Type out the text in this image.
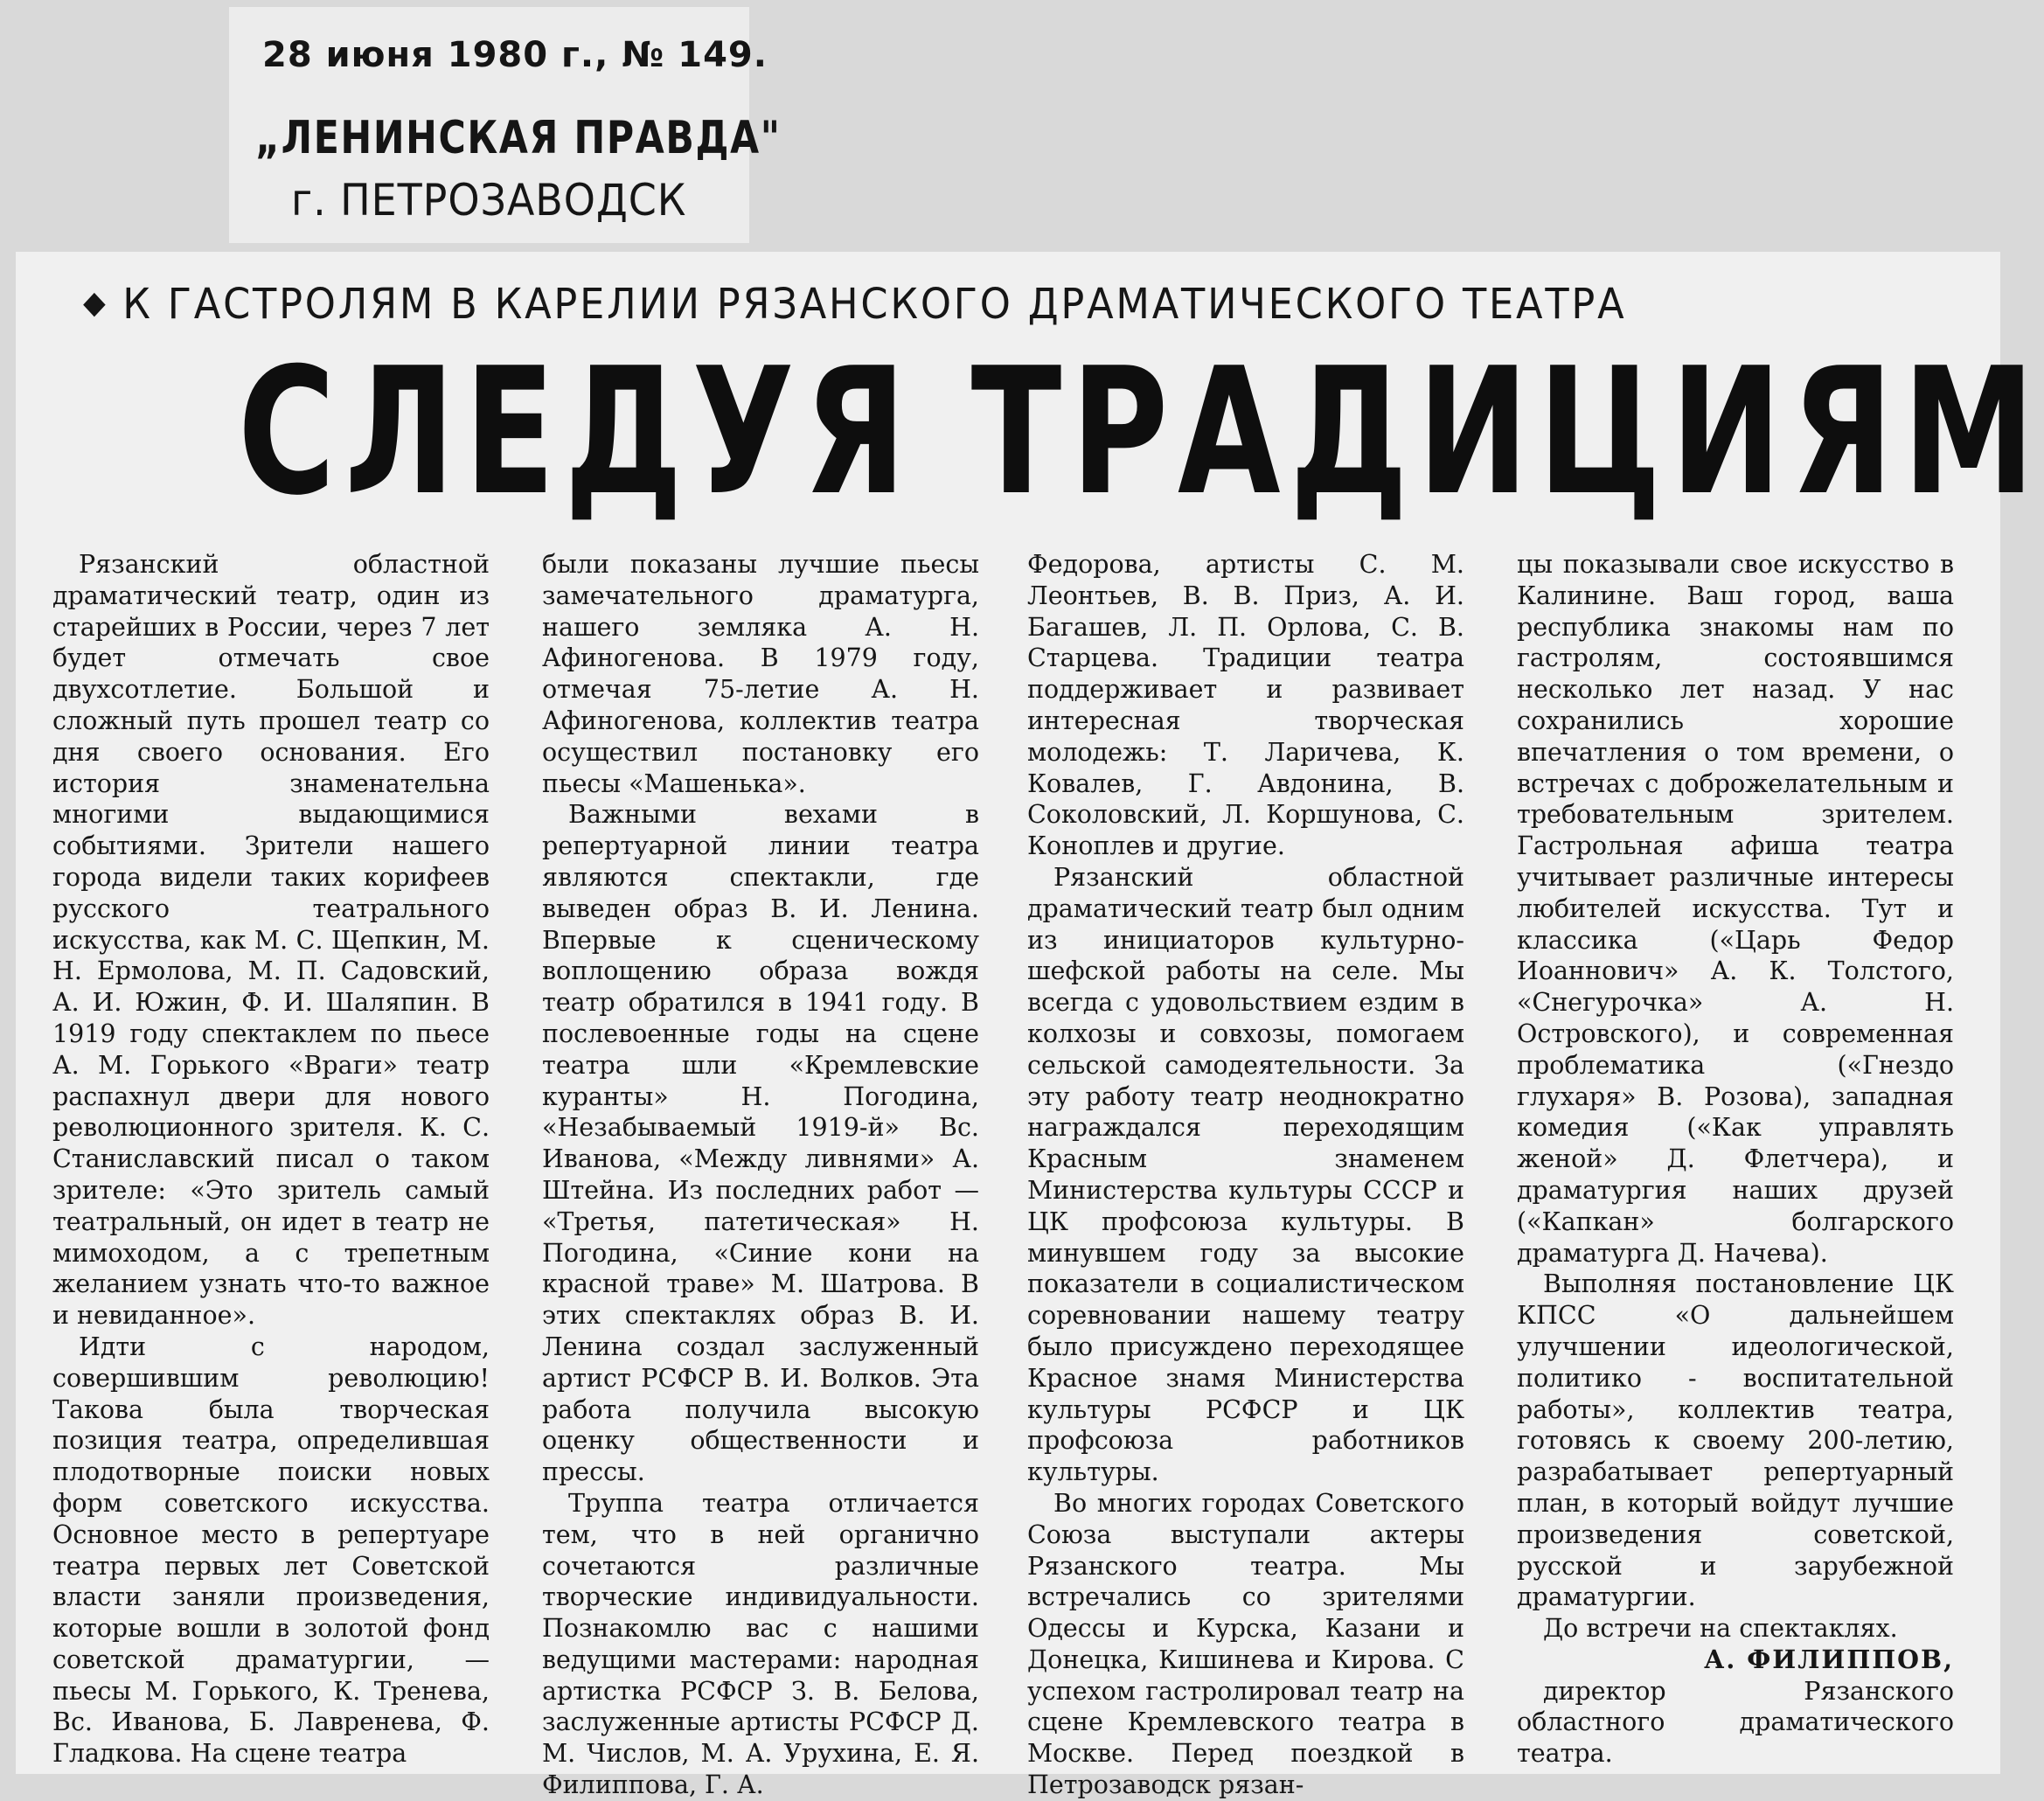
28 июня 1980 г., № 149.
„ЛЕНИНСКАЯ ПРАВДА"
г. ПЕТРОЗАВОДСК
◆ К ГАСТРОЛЯМ В КАРЕЛИИ РЯЗАНСКОГО ДРАМАТИЧЕСКОГО ТЕАТРА
СЛЕДУЯ ТРАДИЦИЯМ

Рязанский областной драматический театр, один из старейших в России, через 7 лет будет отмечать свое двухсотлетие. Большой и сложный путь прошел театр со дня своего основания. Его история знаменательна многими выдающимися событиями. Зрители нашего города видели таких корифеев русского театрального искусства, как М. С. Щепкин, М. Н. Ермолова, М. П. Садовский, А. И. Южин, Ф. И. Шаляпин. В 1919 году спектаклем по пьесе А. М. Горького «Враги» театр распахнул двери для нового революционного зрителя. К. С. Станиславский писал о таком зрителе: «Это зритель самый театральный, он идет в театр не мимоходом, а с трепетным желанием узнать что-то важное и невиданное».

Идти с народом, совершившим революцию! Такова была творческая позиция театра, определившая плодотворные поиски новых форм советского искусства. Основное место в репертуаре театра первых лет Советской власти заняли произведения, которые вошли в золотой фонд советской драматургии, — пьесы М. Горького, К. Тренева, Вс. Иванова, Б. Лавренева, Ф. Гладкова. На сцене театра

были показаны лучшие пьесы замечательного драматурга, нашего земляка А. Н. Афиногенова. В 1979 году, отмечая 75-летие А. Н. Афиногенова, коллектив театра осуществил постановку его пьесы «Машенька».

Важными вехами в репертуарной линии театра являются спектакли, где выведен образ В. И. Ленина. Впервые к сценическому воплощению образа вождя театр обратился в 1941 году. В послевоенные годы на сцене театра шли «Кремлевские куранты» Н. Погодина, «Незабываемый 1919-й» Вс. Иванова, «Между ливнями» А. Штейна. Из последних работ — «Третья, патетическая» Н. Погодина, «Синие кони на красной траве» М. Шатрова. В этих спектаклях образ В. И. Ленина создал заслуженный артист РСФСР В. И. Волков. Эта работа получила высокую оценку общественности и прессы.

Труппа театра отличается тем, что в ней органично сочетаются различные творческие индивидуальности. Познакомлю вас с нашими ведущими мастерами: народная артистка РСФСР З. В. Белова, заслуженные артисты РСФСР Д. М. Числов, М. А. Урухина, Е. Я. Филиппова, Г. А.

Федорова, артисты С. М. Леонтьев, В. В. Приз, А. И. Багашев, Л. П. Орлова, С. В. Старцева. Традиции театра поддерживает и развивает интересная творческая молодежь: Т. Ларичева, К. Ковалев, Г. Авдонина, В. Соколовский, Л. Коршунова, С. Коноплев и другие.

Рязанский областной драматический театр был одним из инициаторов культурно-шефской работы на селе. Мы всегда с удовольствием ездим в колхозы и совхозы, помогаем сельской самодеятельности. За эту работу театр неоднократно награждался переходящим Красным знаменем Министерства культуры СССР и ЦК профсоюза культуры. В минувшем году за высокие показатели в социалистическом соревновании нашему театру было присуждено переходящее Красное знамя Министерства культуры РСФСР и ЦК профсоюза работников культуры.

Во многих городах Советского Союза выступали актеры Рязанского театра. Мы встречались со зрителями Одессы и Курска, Казани и Донецка, Кишинева и Кирова. С успехом гастролировал театр на сцене Кремлевского театра в Москве. Перед поездкой в Петрозаводск рязан-

цы показывали свое искусство в Калинине. Ваш город, ваша республика знакомы нам по гастролям, состоявшимся несколько лет назад. У нас сохранились хорошие впечатления о том времени, о встречах с доброжелательным и требовательным зрителем. Гастрольная афиша театра учитывает различные интересы любителей искусства. Тут и классика («Царь Федор Иоаннович» А. К. Толстого, «Снегурочка» А. Н. Островского), и современная проблематика («Гнездо глухаря» В. Розова), западная комедия («Как управлять женой» Д. Флетчера), и драматургия наших друзей («Капкан» болгарского драматурга Д. Начева).

Выполняя постановление ЦК КПСС «О дальнейшем улучшении идеологической, политико - воспитательной работы», коллектив театра, готовясь к своему 200-летию, разрабатывает репертуарный план, в который войдут лучшие произведения советской, русской и зарубежной драматургии.

До встречи на спектаклях.

А. ФИЛИППОВ,

директор Рязанского областного драматического театра.
